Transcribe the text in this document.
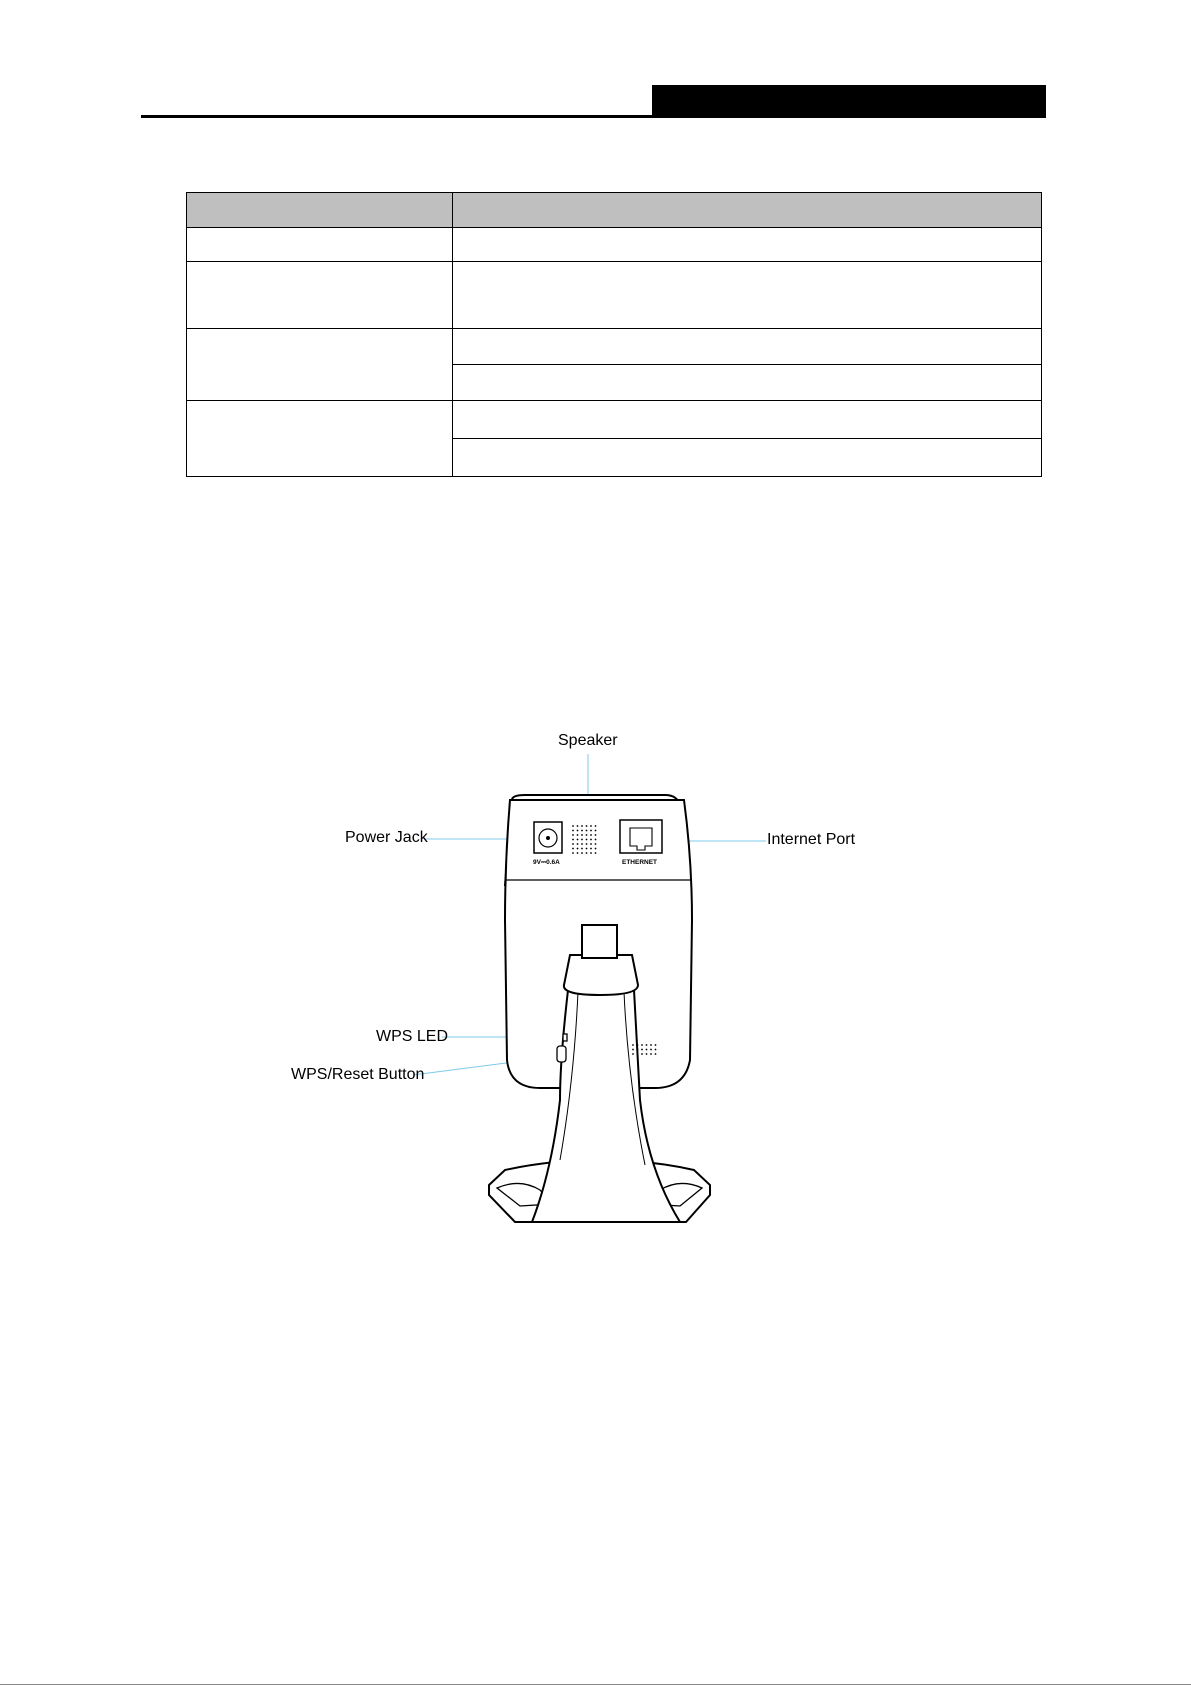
9V⎓0.6A	ETHERNET
Speaker
Power Jack	Internet Port
WPS LED
WPS/Reset Button
